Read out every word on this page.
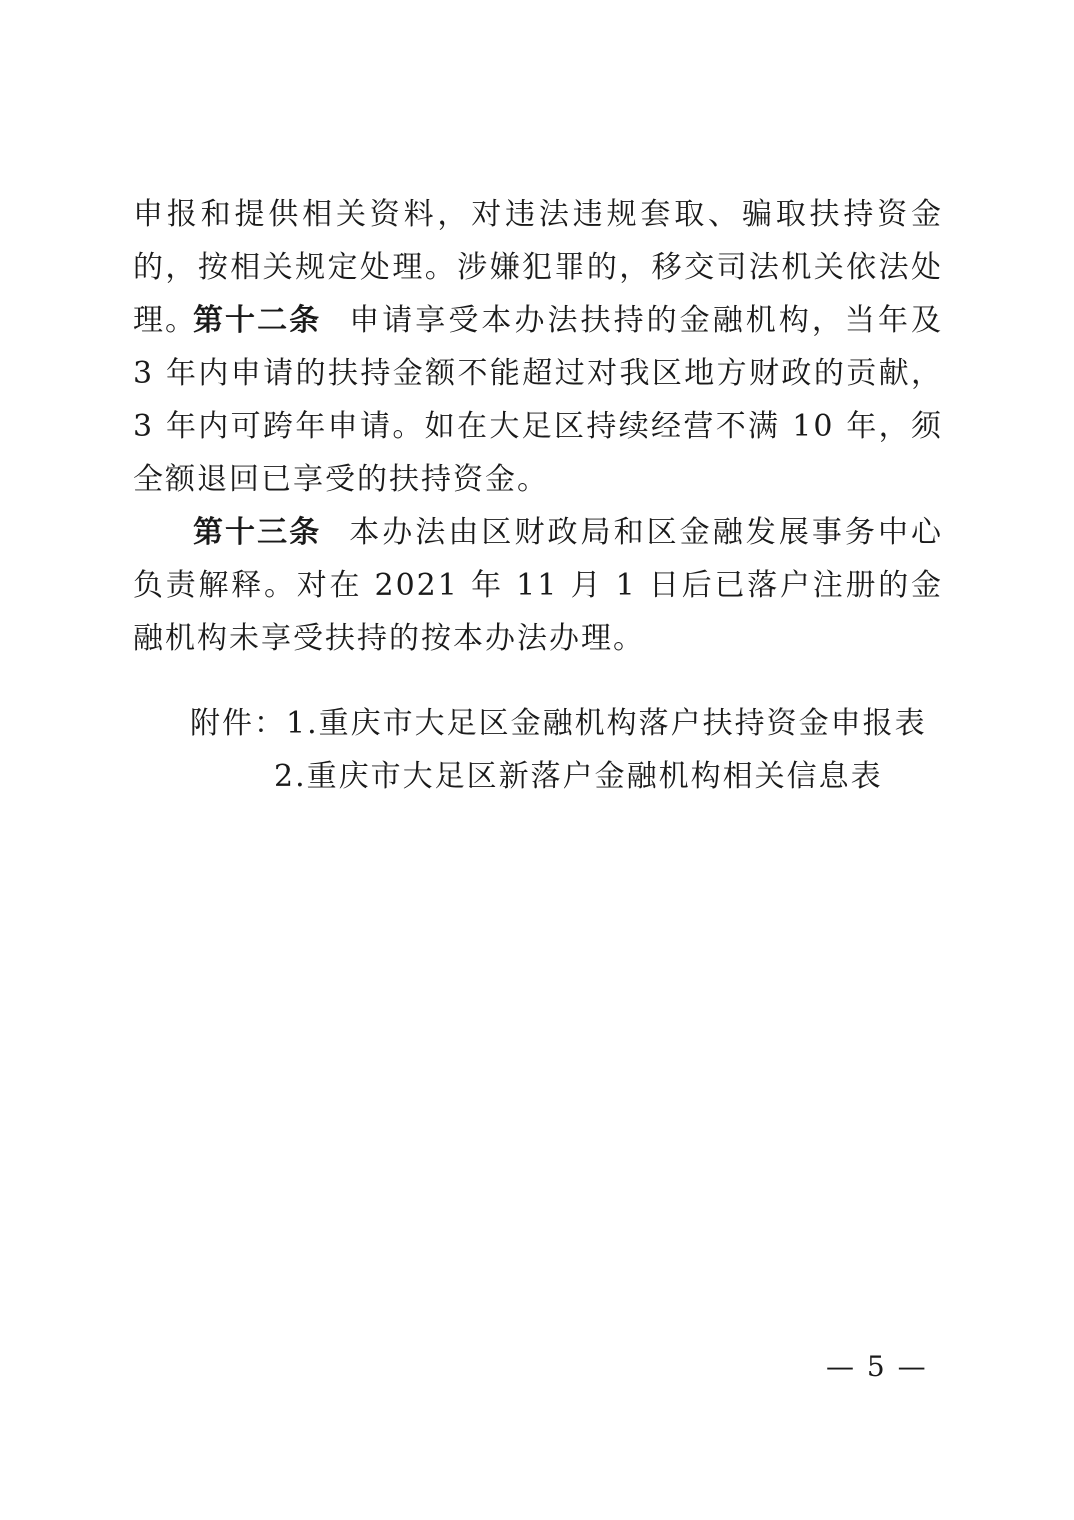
申报和提供相关资料，对违法违规套取、骗取扶持资金的，按相关规定处理。涉嫌犯罪的，移交司法机关依法处理。

第十二条 申请享受本办法扶持的金融机构，当年及 3 年内申请的扶持金额不能超过对我区地方财政的贡献，3 年内可跨年申请。如在大足区持续经营不满 10 年，须全额退回已享受的扶持资金。

第十三条 本办法由区财政局和区金融发展事务中心负责解释。对在 2021 年 11 月 1 日后已落户注册的金融机构未享受扶持的按本办法办理。

附件：1.重庆市大足区金融机构落户扶持资金申报表
2.重庆市大足区新落户金融机构相关信息表
— 5 —
